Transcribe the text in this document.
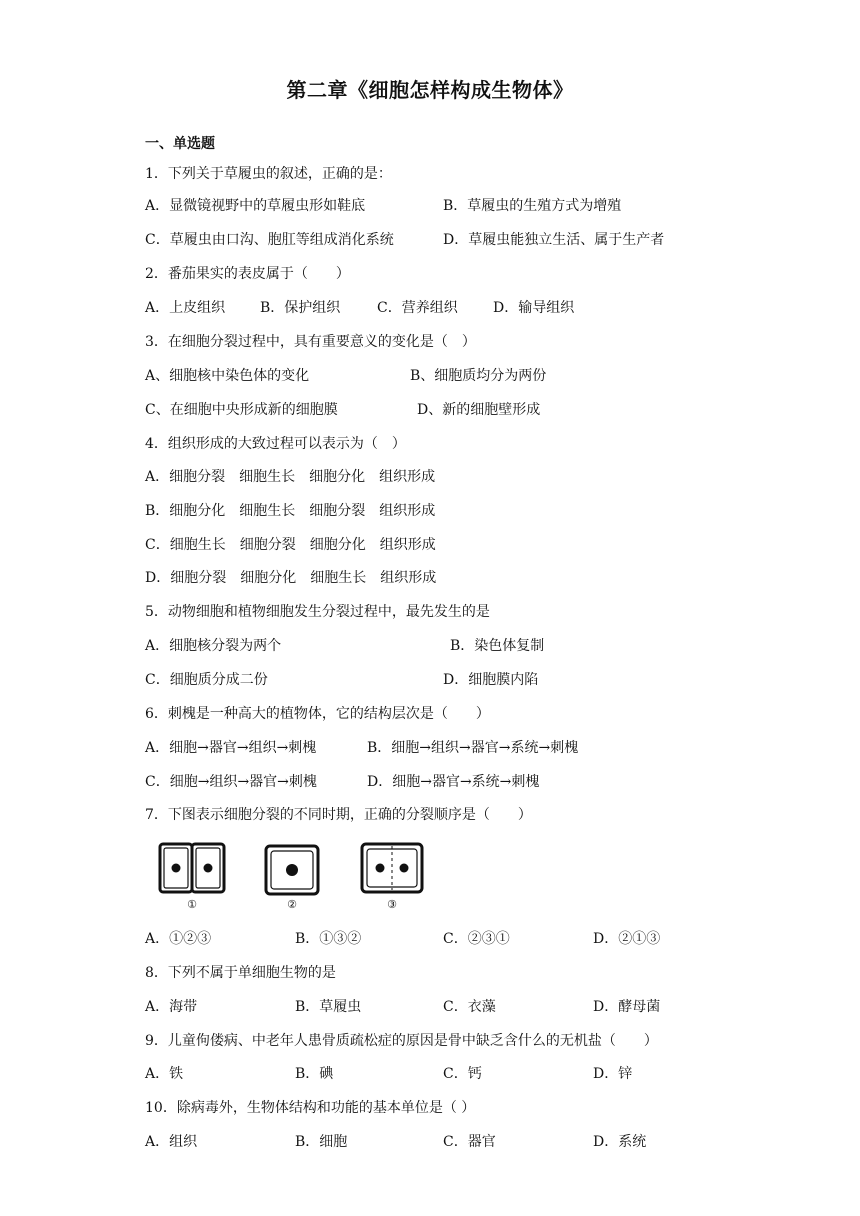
第二章《细胞怎样构成生物体》
一、单选题
1．下列关于草履虫的叙述，正确的是：
A．显微镜视野中的草履虫形如鞋底	B．草履虫的生殖方式为增殖
C．草履虫由口沟、胞肛等组成消化系统	D．草履虫能独立生活、属于生产者
2．番茄果实的表皮属于（　　）
A．上皮组织 B．保护组织	C．营养组织	D．输导组织
3．在细胞分裂过程中，具有重要意义的变化是（　）
A、细胞核中染色体的变化	B、细胞质均分为两份
C、在细胞中央形成新的细胞膜	D、新的细胞壁形成
4．组织形成的大致过程可以表示为（　）
A．细胞分裂　细胞生长　细胞分化　组织形成
B．细胞分化　细胞生长　细胞分裂　组织形成
C．细胞生长　细胞分裂　细胞分化　组织形成
D．细胞分裂　细胞分化　细胞生长　组织形成
5．动物细胞和植物细胞发生分裂过程中，最先发生的是
A．细胞核分裂为两个	B．染色体复制
C．细胞质分成二份	D．细胞膜内陷
6．刺槐是一种高大的植物体，它的结构层次是（　　）
A．细胞→器官→组织→刺槐	B．细胞→组织→器官→系统→刺槐
C．细胞→组织→器官→刺槐	D．细胞→器官→系统→刺槐
7．下图表示细胞分裂的不同时期，正确的分裂顺序是（　　）
①	②	③
A．①②③	B．①③②	C．②③①	D．②①③
8．下列不属于单细胞生物的是
A．海带	B．草履虫	C．衣藻	D．酵母菌
9．儿童佝偻病、中老年人患骨质疏松症的原因是骨中缺乏含什么的无机盐（　　）
A．铁	B．碘	C．钙	D．锌
10．除病毒外，生物体结构和功能的基本单位是（ ）
A．组织	B．细胞	C．器官	D．系统
